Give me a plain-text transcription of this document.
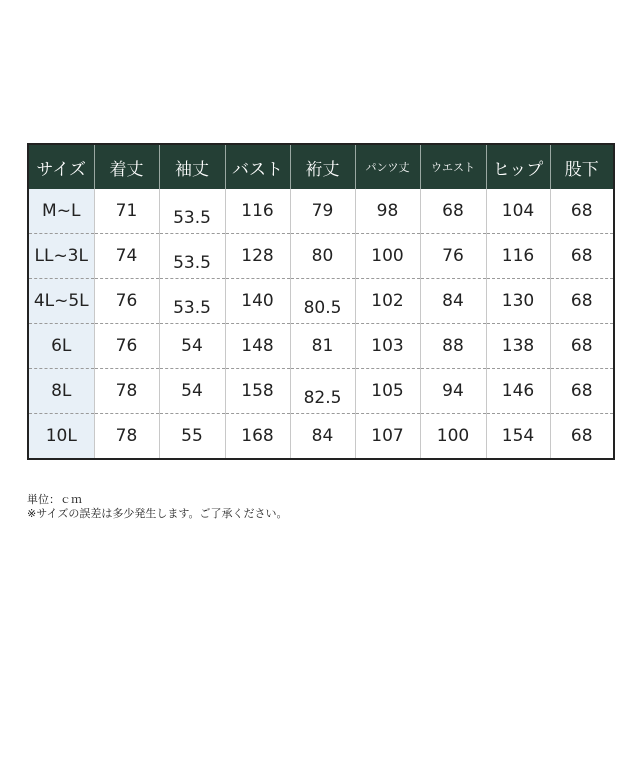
サイズ	着丈	袖丈	バスト	裄丈	パンツ丈	ウエスト	ヒップ	股下
M~L	71	53.5	116	79	98	68	104	68
LL~3L	74	53.5	128	80	100	76	116	68
4L~5L	76	53.5	140	80.5	102	84	130	68
6L	76	54	148	81	103	88	138	68
8L	78	54	158	82.5	105	94	146	68
10L	78	55	168	84	107	100	154	68
単位：ｃｍ
※サイズの誤差は多少発生します。ご了承ください。
